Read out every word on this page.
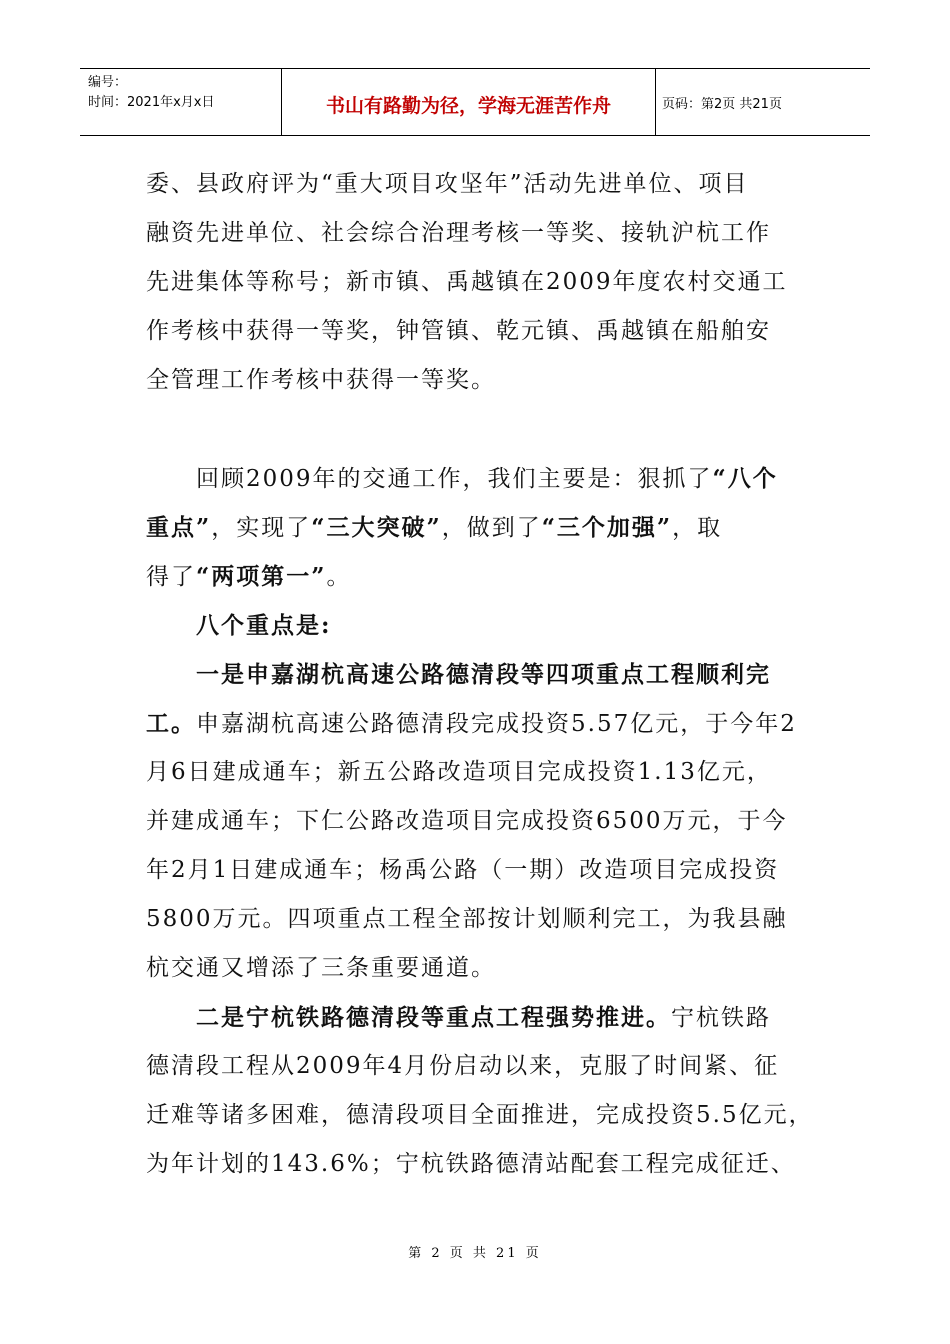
编号：
时间：2021年x月x日	书山有路勤为径，学海无涯苦作舟	页码：第2页 共21页
委、县政府评为“重大项目攻坚年”活动先进单位、项目
融资先进单位、社会综合治理考核一等奖、接轨沪杭工作
先进集体等称号；新市镇、禹越镇在2009年度农村交通工
作考核中获得一等奖，钟管镇、乾元镇、禹越镇在船舶安
全管理工作考核中获得一等奖。
回顾2009年的交通工作，我们主要是：狠抓了“八个
重点”，实现了“三大突破”，做到了“三个加强”，取
得了“两项第一”。
八个重点是:
一是申嘉湖杭高速公路德清段等四项重点工程顺利完
工。申嘉湖杭高速公路德清段完成投资5.57亿元，于今年2
月6日建成通车；新五公路改造项目完成投资1.13亿元，
并建成通车；下仁公路改造项目完成投资6500万元，于今
年2月1日建成通车；杨禹公路（一期）改造项目完成投资
5800万元。四项重点工程全部按计划顺利完工，为我县融
杭交通又增添了三条重要通道。
二是宁杭铁路德清段等重点工程强势推进。宁杭铁路
德清段工程从2009年4月份启动以来，克服了时间紧、征
迁难等诸多困难，德清段项目全面推进，完成投资5.5亿元，
为年计划的143.6%；宁杭铁路德清站配套工程完成征迁、
第 2 页 共 21 页
